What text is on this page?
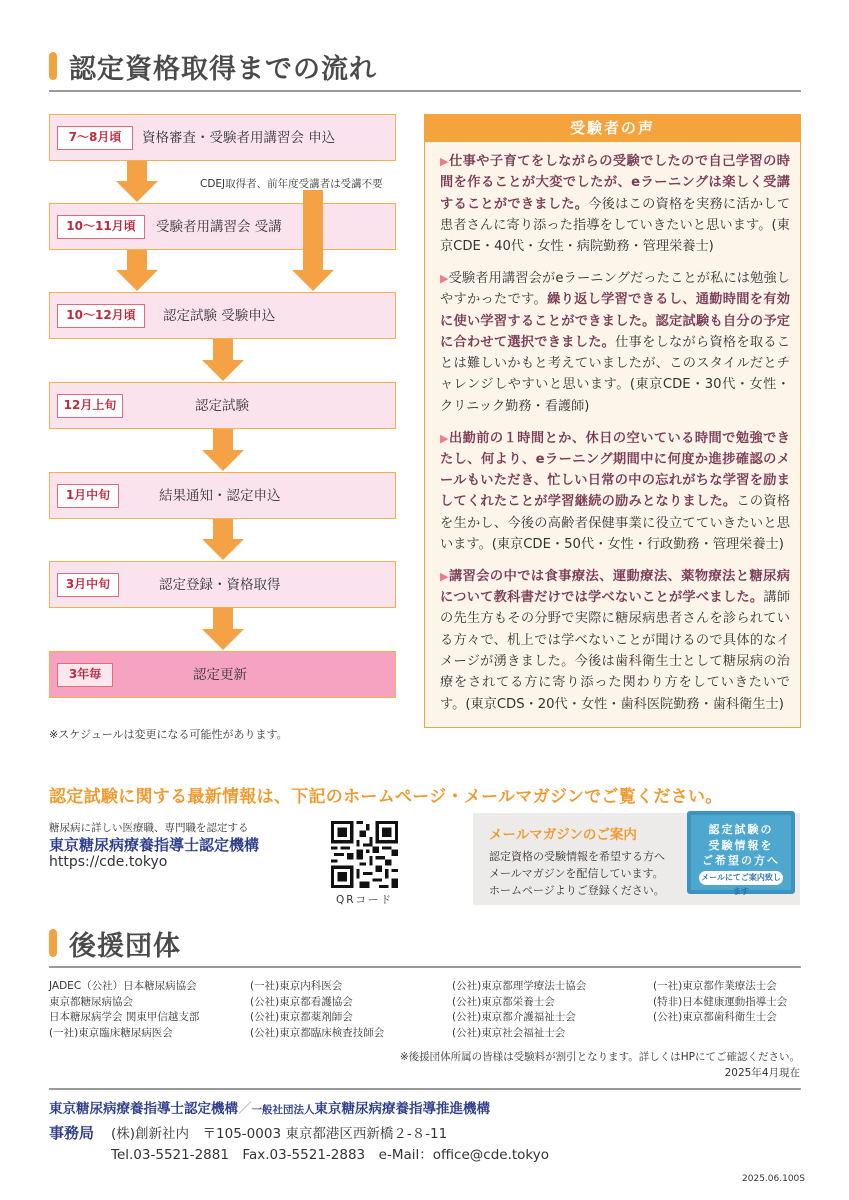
認定資格取得までの流れ
7〜8月頃	資格審査・受験者用講習会 申込
CDEJ取得者、前年度受講者は受講不要
10〜11月頃	受験者用講習会 受講
10〜12月頃	認定試験 受験申込
12月上旬	認定試験
1月中旬	結果通知・認定申込
3月中旬	認定登録・資格取得
3年毎	認定更新
※スケジュールは変更になる可能性があります。
受験者の声

▶仕事や子育てをしながらの受験でしたので自己学習の時間を作ることが大変でしたが、eラーニングは楽しく受講することができました。今後はこの資格を実務に活かして患者さんに寄り添った指導をしていきたいと思います。(東京CDE・40代・女性・病院勤務・管理栄養士)

▶受験者用講習会がeラーニングだったことが私には勉強しやすかったです。繰り返し学習できるし、通勤時間を有効に使い学習することができました。認定試験も自分の予定に合わせて選択できました。仕事をしながら資格を取ることは難しいかもと考えていましたが、このスタイルだとチャレンジしやすいと思います。(東京CDE・30代・女性・クリニック勤務・看護師)

▶出勤前の１時間とか、休日の空いている時間で勉強できたし、何より、eラーニング期間中に何度か進捗確認のメールもいただき、忙しい日常の中の忘れがちな学習を励ましてくれたことが学習継続の励みとなりました。この資格を生かし、今後の高齢者保健事業に役立てていきたいと思います。(東京CDE・50代・女性・行政勤務・管理栄養士)

▶講習会の中では食事療法、運動療法、薬物療法と糖尿病について教科書だけでは学べないことが学べました。講師の先生方もその分野で実際に糖尿病患者さんを診られている方々で、机上では学べないことが聞けるので具体的なイメージが湧きました。今後は歯科衛生士として糖尿病の治療をされてる方に寄り添った関わり方をしていきたいです。(東京CDS・20代・女性・歯科医院勤務・歯科衛生士)

認定試験に関する最新情報は、下記のホームページ・メールマガジンでご覧ください。
糖尿病に詳しい医療職、専門職を認定する
東京糖尿病療養指導士認定機構
https://cde.tokyo
QRコード
メールマガジンのご案内
認定資格の受験情報を希望する方へ
メールマガジンを配信しています。
ホームページよりご登録ください。
認定試験の
受験情報を
ご希望の方へ
メールにてご案内致します
後援団体
JADEC（公社）日本糖尿病協会
東京都糖尿病協会
日本糖尿病学会 関東甲信越支部
(一社)東京臨床糖尿病医会
(一社)東京内科医会
(公社)東京都看護協会
(公社)東京都薬剤師会
(公社)東京都臨床検査技師会
(公社)東京都理学療法士協会
(公社)東京都栄養士会
(公社)東京都介護福祉士会
(公社)東京社会福祉士会
(一社)東京都作業療法士会
(特非)日本健康運動指導士会
(公社)東京都歯科衛生士会
※後援団体所属の皆様は受験料が割引となります。詳しくはHPにてご確認ください。
2025年4月現在
東京糖尿病療養指導士認定機構／一般社団法人東京糖尿病療養指導推進機構
事務局 (株)創新社内　〒105-0003 東京都港区西新橋２-８-11
Tel.03-5521-2881　Fax.03-5521-2883　e-Mail：office@cde.tokyo
2025.06.100S
